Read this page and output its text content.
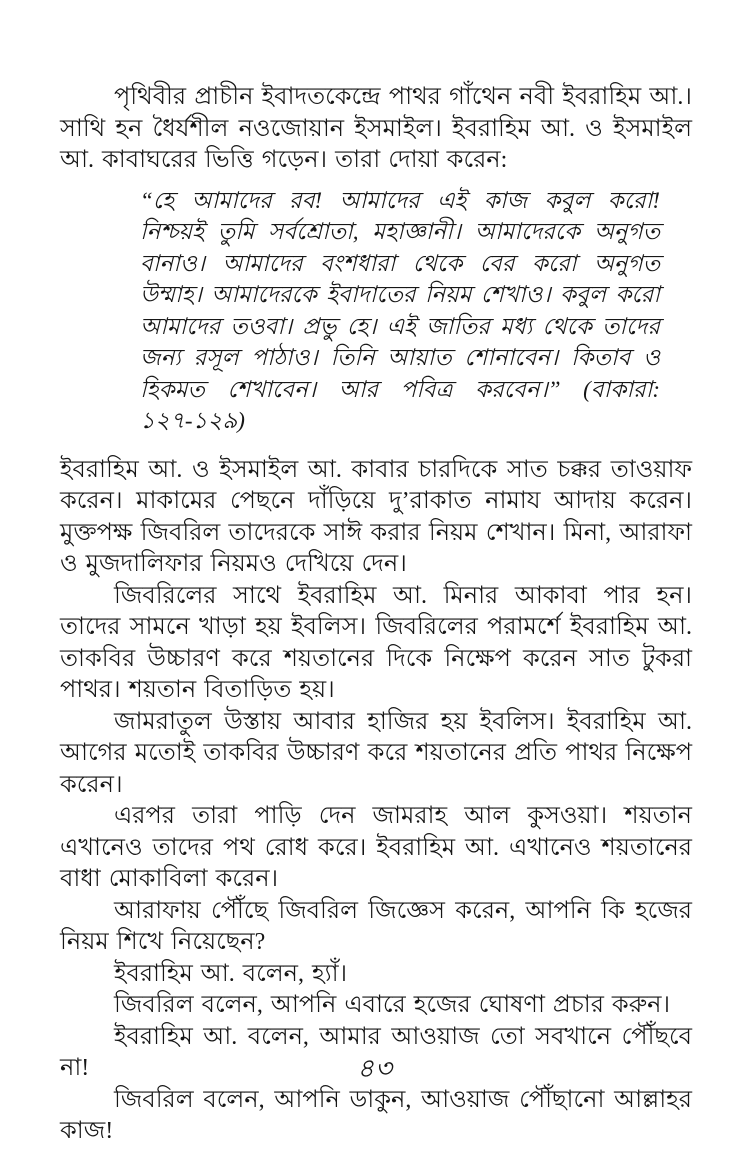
পৃথিবীর প্রাচীন ইবাদতকেন্দ্রে পাথর গাঁথেন নবী ইবরাহিম আ.। সাথি হন ধৈর্যশীল নওজোয়ান ইসমাইল। ইবরাহিম আ. ও ইসমাইল আ. কাবাঘরের ভিত্তি গড়েন। তারা দোয়া করেন:

“হে আমাদের রব! আমাদের এই কাজ কবুল করো! নিশ্চয়ই তুমি সর্বশ্রোতা, মহাজ্ঞানী। আমাদেরকে অনুগত বানাও। আমাদের বংশধারা থেকে বের করো অনুগত উম্মাহ। আমাদেরকে ইবাদাতের নিয়ম শেখাও। কবুল করো আমাদের তওবা। প্রভু হে। এই জাতির মধ্য থেকে তাদের জন্য রসূল পাঠাও। তিনি আয়াত শোনাবেন। কিতাব ও হিকমত শেখাবেন। আর পবিত্র করবেন।” (বাকারা: ১২৭-১২৯)

ইবরাহিম আ. ও ইসমাইল আ. কাবার চারদিকে সাত চক্কর তাওয়াফ করেন। মাকামের পেছনে দাঁড়িয়ে দু’রাকাত নামায আদায় করেন। মুক্তপক্ষ জিবরিল তাদেরকে সাঈ করার নিয়ম শেখান। মিনা, আরাফা ও মুজদালিফার নিয়মও দেখিয়ে দেন।

জিবরিলের সাথে ইবরাহিম আ. মিনার আকাবা পার হন। তাদের সামনে খাড়া হয় ইবলিস। জিবরিলের পরামর্শে ইবরাহিম আ. তাকবির উচ্চারণ করে শয়তানের দিকে নিক্ষেপ করেন সাত টুকরা পাথর। শয়তান বিতাড়িত হয়।

জামরাতুল উস্তায় আবার হাজির হয় ইবলিস। ইবরাহিম আ. আগের মতোই তাকবির উচ্চারণ করে শয়তানের প্রতি পাথর নিক্ষেপ করেন।

এরপর তারা পাড়ি দেন জামরাহ আল কুসওয়া। শয়তান এখানেও তাদের পথ রোধ করে। ইবরাহিম আ. এখানেও শয়তানের বাধা মোকাবিলা করেন।

আরাফায় পৌঁছে জিবরিল জিজ্ঞেস করেন, আপনি কি হজের নিয়ম শিখে নিয়েছেন?

ইবরাহিম আ. বলেন, হ্যাঁ।

জিবরিল বলেন, আপনি এবারে হজের ঘোষণা প্রচার করুন।

ইবরাহিম আ. বলেন, আমার আওয়াজ তো সবখানে পৌঁছবে না!

জিবরিল বলেন, আপনি ডাকুন, আওয়াজ পৌঁছানো আল্লাহর কাজ!

৪৩
